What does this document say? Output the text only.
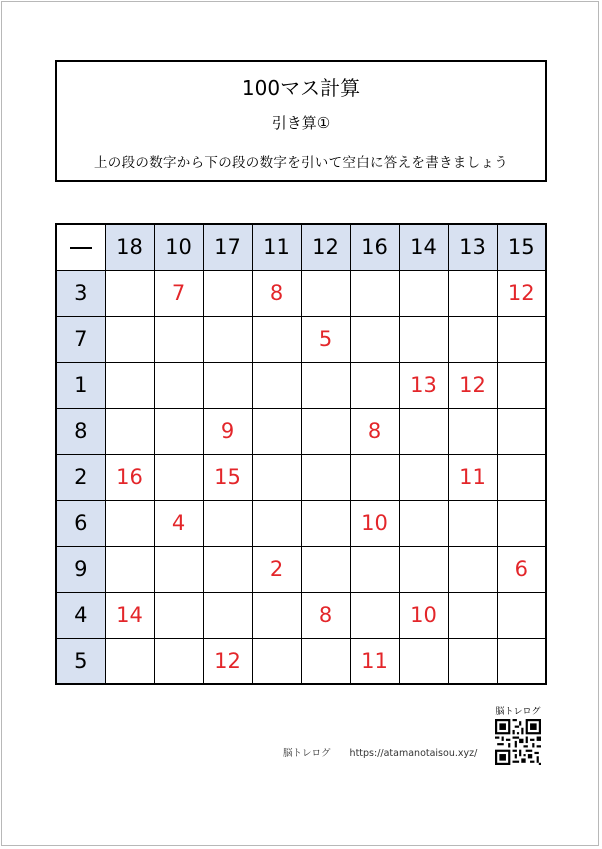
100マス計算
引き算①
上の段の数字から下の段の数字を引いて空白に答えを書きましょう
	18	10	17	11	12	16	14	13	15
3		7		8					12
7					5				
1							13	12	
8			9			8			
2	16		15					11	
6		4				10			
9				2					6
4	14				8		10		
5			12			11			
脳トレログ https://atamanotaisou.xyz/
脳トレログ
